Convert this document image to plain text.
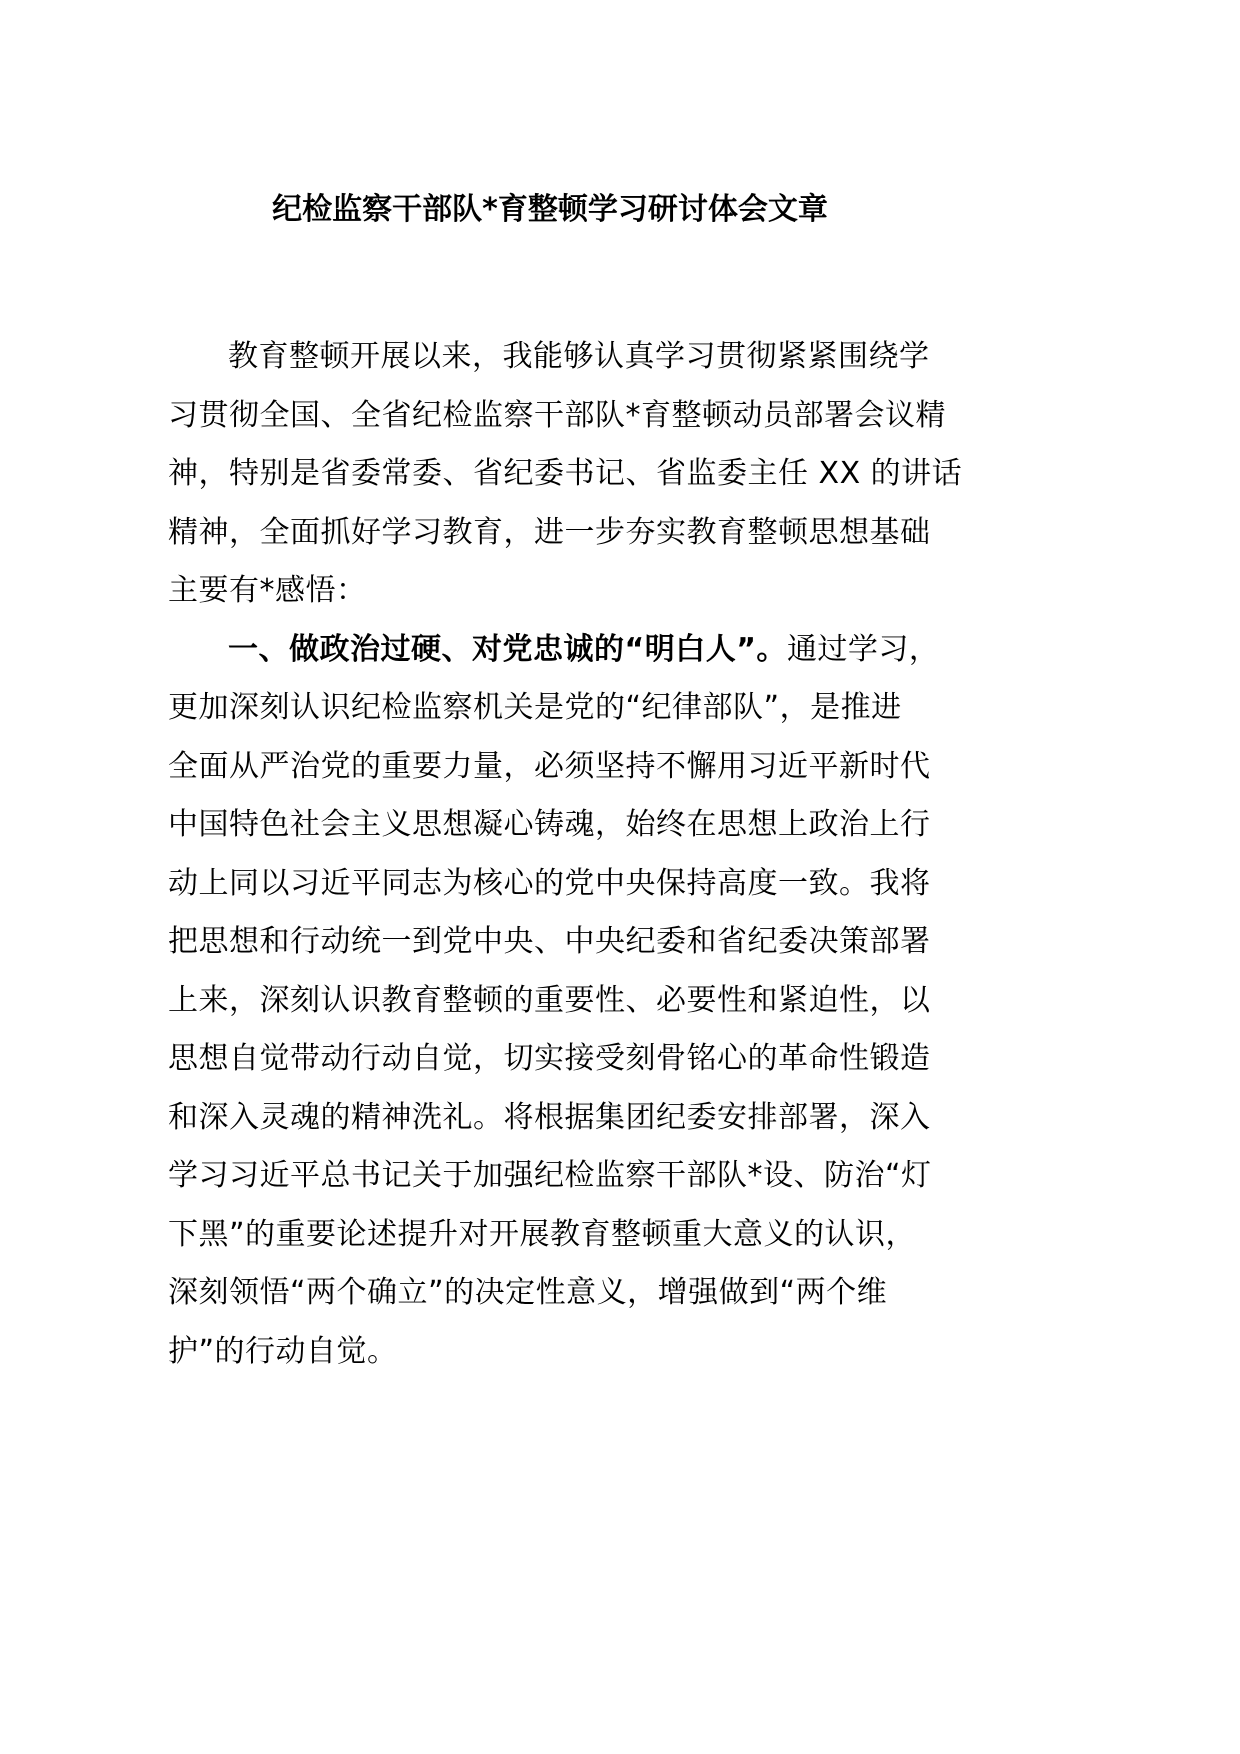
纪检监察干部队*育整顿学习研讨体会文章
教育整顿开展以来，我能够认真学习贯彻紧紧围绕学
习贯彻全国、全省纪检监察干部队*育整顿动员部署会议精
神，特别是省委常委、省纪委书记、省监委主任 XX 的讲话
精神，全面抓好学习教育，进一步夯实教育整顿思想基础
主要有*感悟：
一、做政治过硬、对党忠诚的“明白人”。通过学习，
更加深刻认识纪检监察机关是党的“纪律部队”，是推进
全面从严治党的重要力量，必须坚持不懈用习近平新时代
中国特色社会主义思想凝心铸魂，始终在思想上政治上行
动上同以习近平同志为核心的党中央保持高度一致。我将
把思想和行动统一到党中央、中央纪委和省纪委决策部署
上来，深刻认识教育整顿的重要性、必要性和紧迫性，以
思想自觉带动行动自觉，切实接受刻骨铭心的革命性锻造
和深入灵魂的精神洗礼。将根据集团纪委安排部署，深入
学习习近平总书记关于加强纪检监察干部队*设、防治“灯
下黑”的重要论述提升对开展教育整顿重大意义的认识，
深刻领悟“两个确立”的决定性意义，增强做到“两个维
护”的行动自觉。
